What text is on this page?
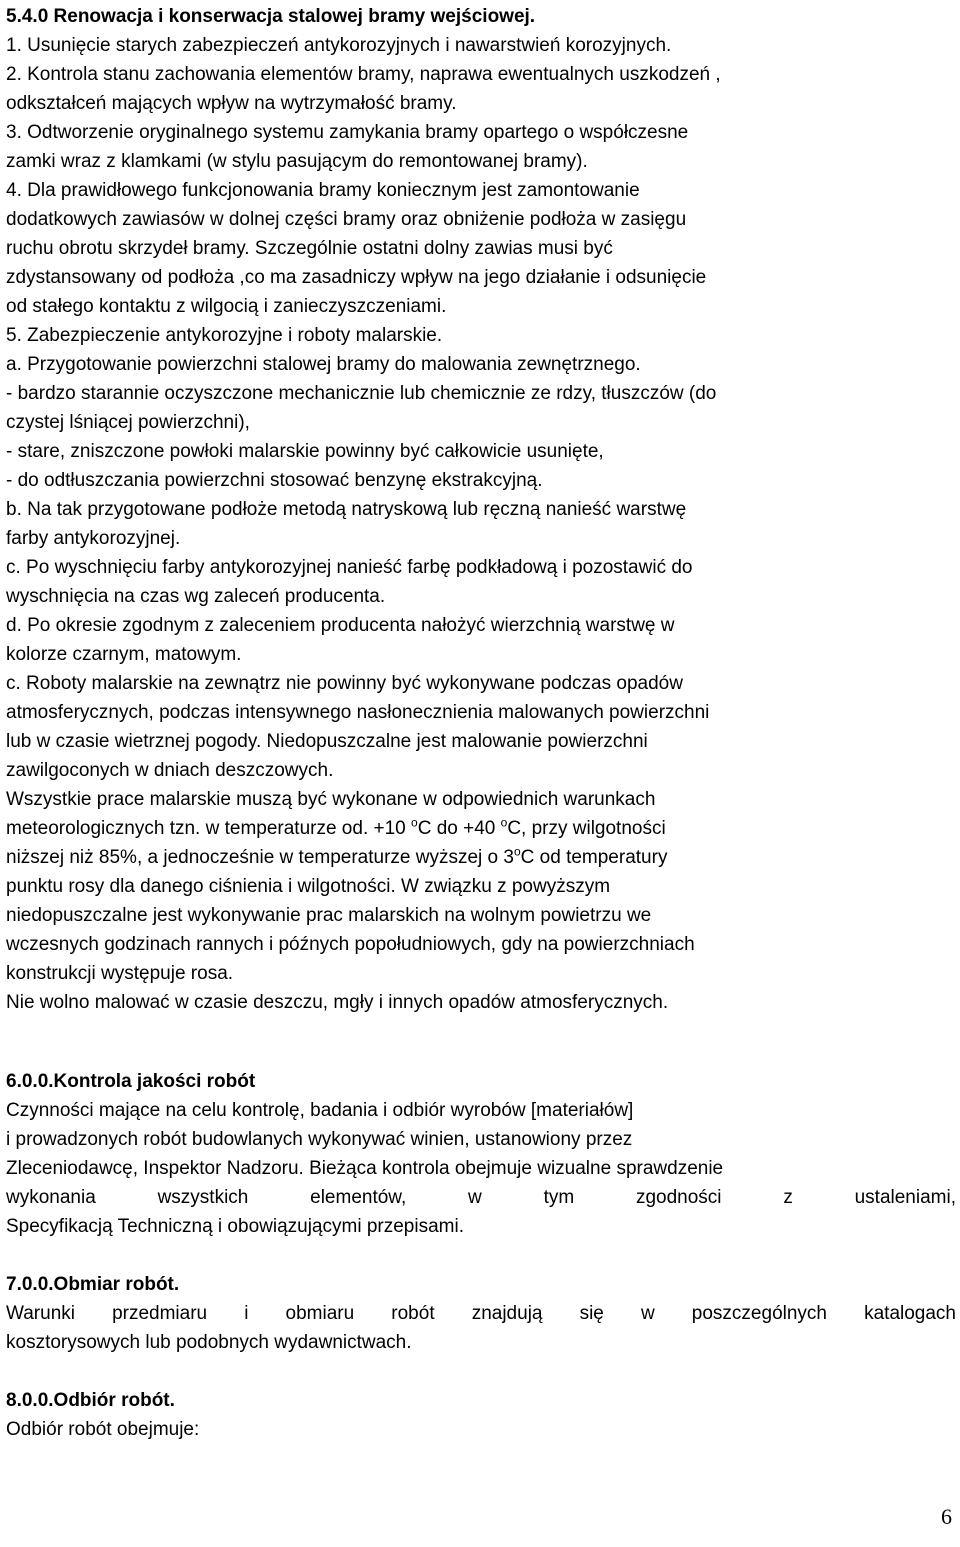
5.4.0 Renowacja i konserwacja stalowej bramy wejściowej.
1. Usunięcie starych zabezpieczeń antykorozyjnych i nawarstwień korozyjnych.
2. Kontrola stanu zachowania elementów bramy, naprawa ewentualnych uszkodzeń ,
odkształceń mających wpływ na wytrzymałość bramy.
3. Odtworzenie oryginalnego systemu zamykania bramy opartego o współczesne
zamki wraz z klamkami (w stylu pasującym do remontowanej bramy).
4. Dla prawidłowego funkcjonowania bramy koniecznym jest zamontowanie
dodatkowych zawiasów w dolnej części bramy oraz obniżenie podłoża w zasięgu
ruchu obrotu skrzydeł bramy. Szczególnie ostatni dolny zawias musi być
zdystansowany od podłoża ,co ma zasadniczy wpływ na jego działanie i odsunięcie
od stałego kontaktu z wilgocią i zanieczyszczeniami.
5. Zabezpieczenie antykorozyjne i roboty malarskie.
a. Przygotowanie powierzchni stalowej bramy do malowania zewnętrznego.
- bardzo starannie oczyszczone mechanicznie lub chemicznie ze rdzy, tłuszczów (do
czystej lśniącej powierzchni),
- stare, zniszczone powłoki malarskie powinny być całkowicie usunięte,
- do odtłuszczania powierzchni stosować benzynę ekstrakcyjną.
b. Na tak przygotowane podłoże metodą natryskową lub ręczną nanieść warstwę
farby antykorozyjnej.
c. Po wyschnięciu farby antykorozyjnej nanieść farbę podkładową i pozostawić do
wyschnięcia na czas wg zaleceń producenta.
d. Po okresie zgodnym z zaleceniem producenta nałożyć wierzchnią warstwę w
kolorze czarnym, matowym.
c. Roboty malarskie na zewnątrz nie powinny być wykonywane podczas opadów
atmosferycznych, podczas intensywnego nasłonecznienia malowanych powierzchni
lub w czasie wietrznej pogody. Niedopuszczalne jest malowanie powierzchni
zawilgoconych w dniach deszczowych.
Wszystkie prace malarskie muszą być wykonane w odpowiednich warunkach
meteorologicznych tzn. w temperaturze od. +10 $^o$C do +40 $^o$C, przy wilgotności
niższej niż 85%, a jednocześnie w temperaturze wyższej o 3$^o$C od temperatury
punktu rosy dla danego ciśnienia i wilgotności. W związku z powyższym
niedopuszczalne jest wykonywanie prac malarskich na wolnym powietrzu we
wczesnych godzinach rannych i późnych popołudniowych, gdy na powierzchniach
konstrukcji występuje rosa.
Nie wolno malować w czasie deszczu, mgły i innych opadów atmosferycznych.
6.0.0.Kontrola jakości robót
Czynności mające na celu kontrolę, badania i odbiór wyrobów [materiałów]
i prowadzonych robót budowlanych wykonywać winien, ustanowiony przez
Zleceniodawcę, Inspektor Nadzoru. Bieżąca kontrola obejmuje wizualne sprawdzenie
wykonania wszystkich elementów, w tym zgodności z ustaleniami,
Specyfikacją Techniczną i obowiązującymi przepisami.
7.0.0.Obmiar robót.
Warunki przedmiaru i obmiaru robót znajdują się w poszczególnych katalogach
kosztorysowych lub podobnych wydawnictwach.
8.0.0.Odbiór robót.
Odbiór robót obejmuje:
6
